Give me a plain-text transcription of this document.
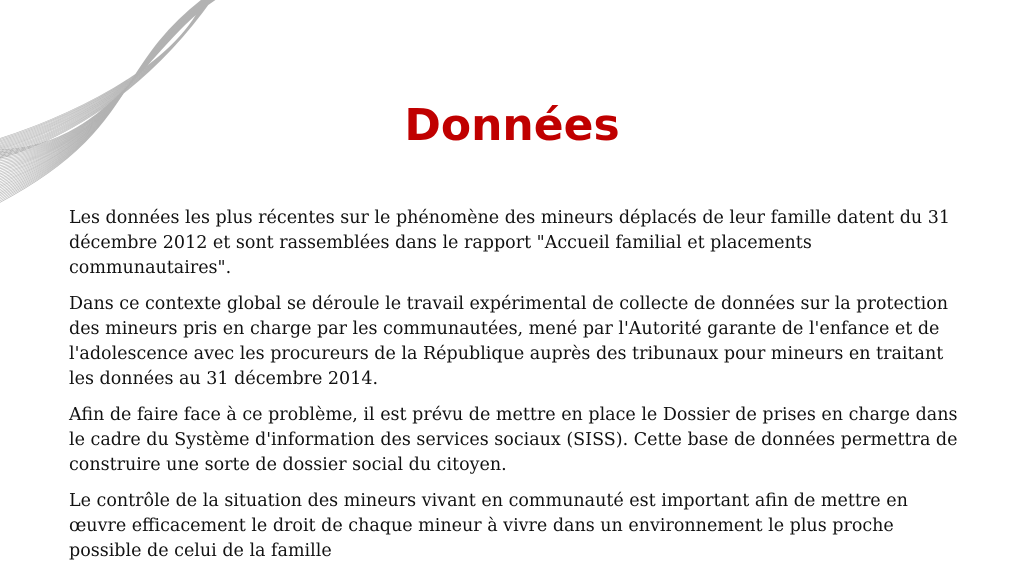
Données

Les données les plus récentes sur le phénomène des mineurs déplacés de leur famille datent du 31 décembre 2012 et sont rassemblées dans le rapport "Accueil familial et placements communautaires".

Dans ce contexte global se déroule le travail expérimental de collecte de données sur la protection des mineurs pris en charge par les communautées, mené par l'Autorité garante de l'enfance et de l'adolescence avec les procureurs de la République auprès des tribunaux pour mineurs en traitant les données au 31 décembre 2014.

Afin de faire face à ce problème, il est prévu de mettre en place le Dossier de prises en charge dans le cadre du Système d'information des services sociaux (SISS). Cette base de données permettra de construire une sorte de dossier social du citoyen.

Le contrôle de la situation des mineurs vivant en communauté est important afin de mettre en œuvre efficacement le droit de chaque mineur à vivre dans un environnement le plus proche possible de celui de la famille
